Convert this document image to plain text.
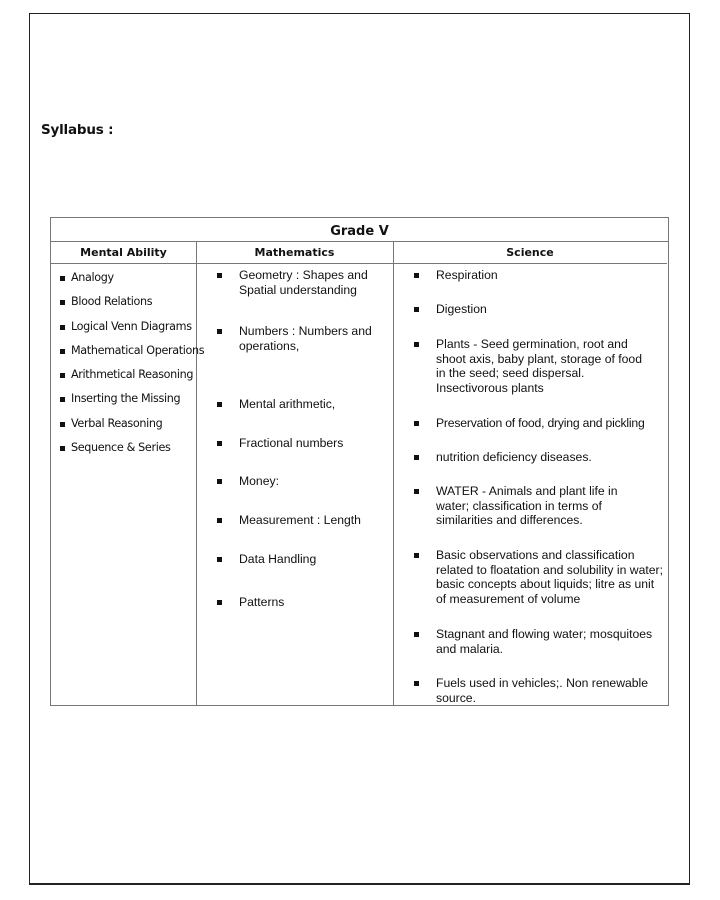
Syllabus :
Grade V
Mental Ability	Mathematics	Science
Analogy
Blood Relations
Logical Venn Diagrams
Mathematical Operations
Arithmetical Reasoning
Inserting the Missing
Verbal Reasoning
Sequence & Series
Geometry : Shapes and Spatial understanding
Numbers : Numbers and operations,
Mental arithmetic,
Fractional numbers
Money:
Measurement : Length
Data Handling
Patterns
Respiration
Digestion
Plants - Seed germination, root and shoot axis, baby plant, storage of food in the seed; seed dispersal. Insectivorous plants
Preservation of food, drying and pickling
nutrition deficiency diseases.
WATER - Animals and plant life in water; classification in terms of similarities and differences.
Basic observations and classification related to floatation and solubility in water; basic concepts about liquids; litre as unit of measurement of volume
Stagnant and flowing water; mosquitoes and malaria.
Fuels used in vehicles;. Non renewable source.
